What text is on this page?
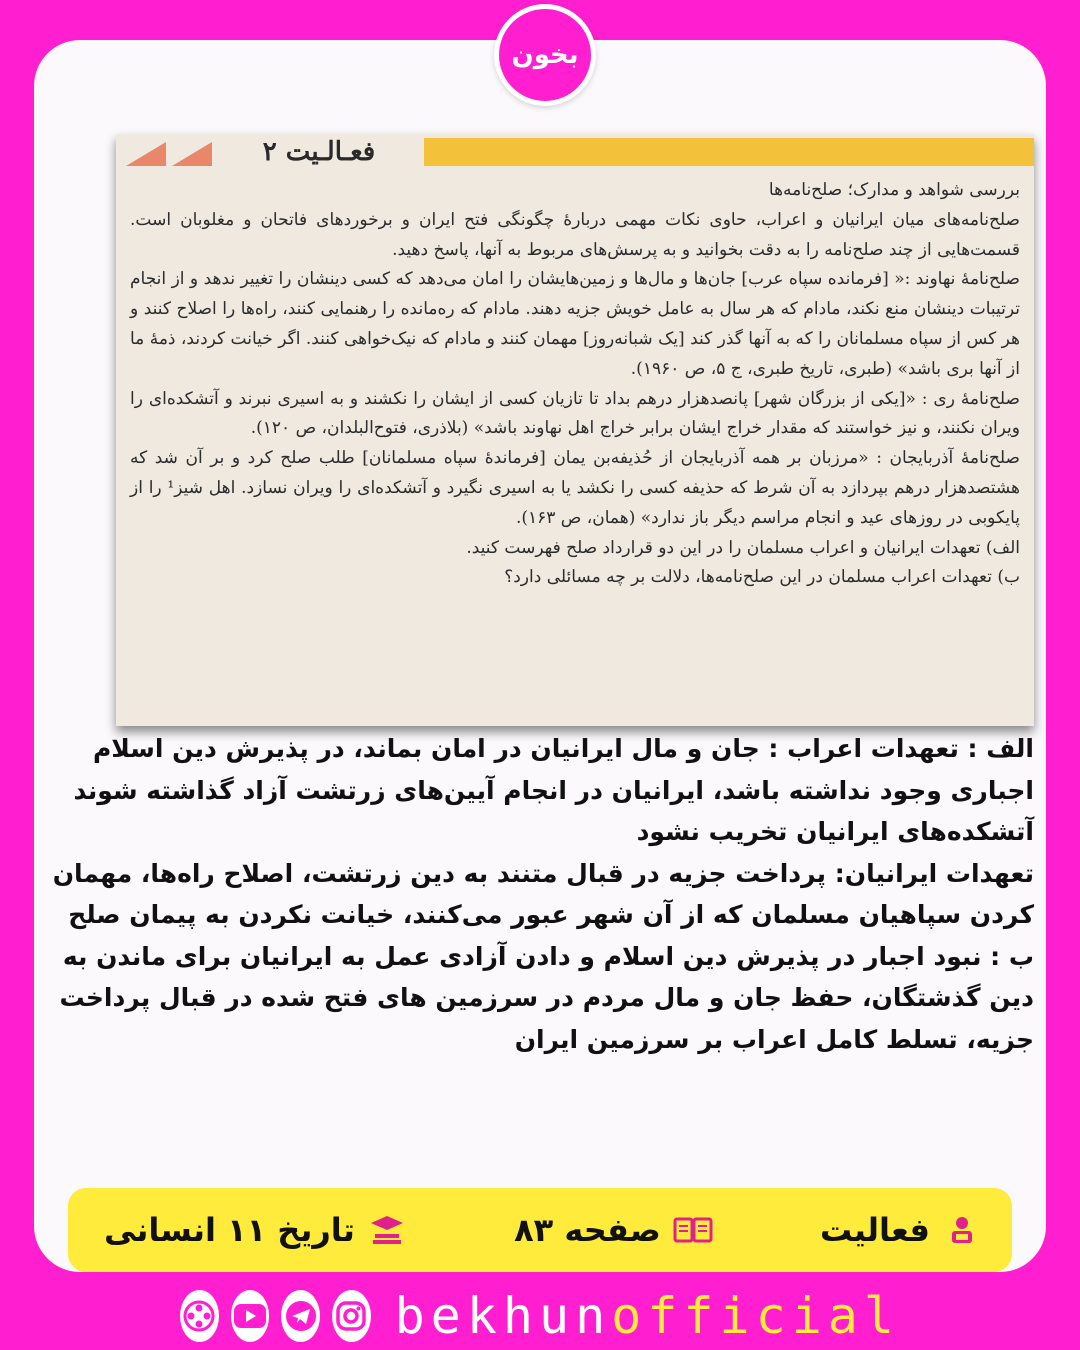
فعـالـیت ۲

بررسی شواهد و مدارک؛ صلح‌نامه‌ها

صلح‌نامه‌های میان ایرانیان و اعراب، حاوی نکات مهمی دربارهٔ چگونگی فتح ایران و برخوردهای فاتحان و مغلوبان است. قسمت‌هایی از چند صلح‌نامه را به دقت بخوانید و به پرسش‌های مربوط به آنها، پاسخ دهید.

صلح‌نامهٔ نهاوند :« [فرمانده سپاه عرب] جان‌ها و مال‌ها و زمین‌هایشان را امان می‌دهد که کسی دینشان را تغییر ندهد و از انجام ترتیبات دینشان منع نکند، مادام که هر سال به عامل خویش جزیه دهند. مادام که ره‌مانده را رهنمایی کنند، راه‌ها را اصلاح کنند و هر کس از سپاه مسلمانان را که به آنها گذر کند [یک شبانه‌روز] مهمان کنند و مادام که نیک‌خواهی کنند. اگر خیانت کردند، ذمهٔ ما از آنها بری باشد» (طبری، تاریخ طبری، ج ۵، ص ۱۹۶۰).

صلح‌نامهٔ ری : «[یکی از بزرگان شهر] پانصدهزار درهم بداد تا تازیان کسی از ایشان را نکشند و به اسیری نبرند و آتشکده‌ای را ویران نکنند، و نیز خواستند که مقدار خراج ایشان برابر خراج اهل نهاوند باشد» (بلاذری، فتوح‌البلدان، ص ۱۲۰).

صلح‌نامهٔ آذربایجان : «مرزبان بر همه آذربایجان از حُذیفه‌بن یمان [فرماندهٔ سپاه مسلمانان] طلب صلح کرد و بر آن شد که هشتصدهزار درهم بپردازد به آن شرط که حذیفه کسی را نکشد یا به اسیری نگیرد و آتشکده‌ای را ویران نسازد. اهل شیز¹ را از پایکوبی در روزهای عید و انجام مراسم دیگر باز ندارد» (همان، ص ۱۶۳).

الف) تعهدات ایرانیان و اعراب مسلمان را در این دو قرارداد صلح فهرست کنید.

ب) تعهدات اعراب مسلمان در این صلح‌نامه‌ها، دلالت بر چه مسائلی دارد؟

الف : تعهدات اعراب : جان و مال ایرانیان در امان بماند، در پذیرش دین اسلام اجباری وجود نداشته باشد، ایرانیان در انجام آیین‌های زرتشت آزاد گذاشته شوند آتشکده‌های ایرانیان تخریب نشود

تعهدات ایرانیان: پرداخت جزیه در قبال متنند به دین زرتشت، اصلاح راه‌ها، مهمان کردن سپاهیان مسلمان که از آن شهر عبور می‌کنند، خیانت نکردن به پیمان صلح

ب : نبود اجبار در پذیرش دین اسلام و دادن آزادی عمل به ایرانیان برای ماندن به دین گذشتگان، حفظ جان و مال مردم در سرزمین های فتح شده در قبال پرداخت جزیه، تسلط کامل اعراب بر سرزمین ایران

بخون
فعالیت
صفحه ۸۳
تاریخ ۱۱ انسانی
bekhunofficial
